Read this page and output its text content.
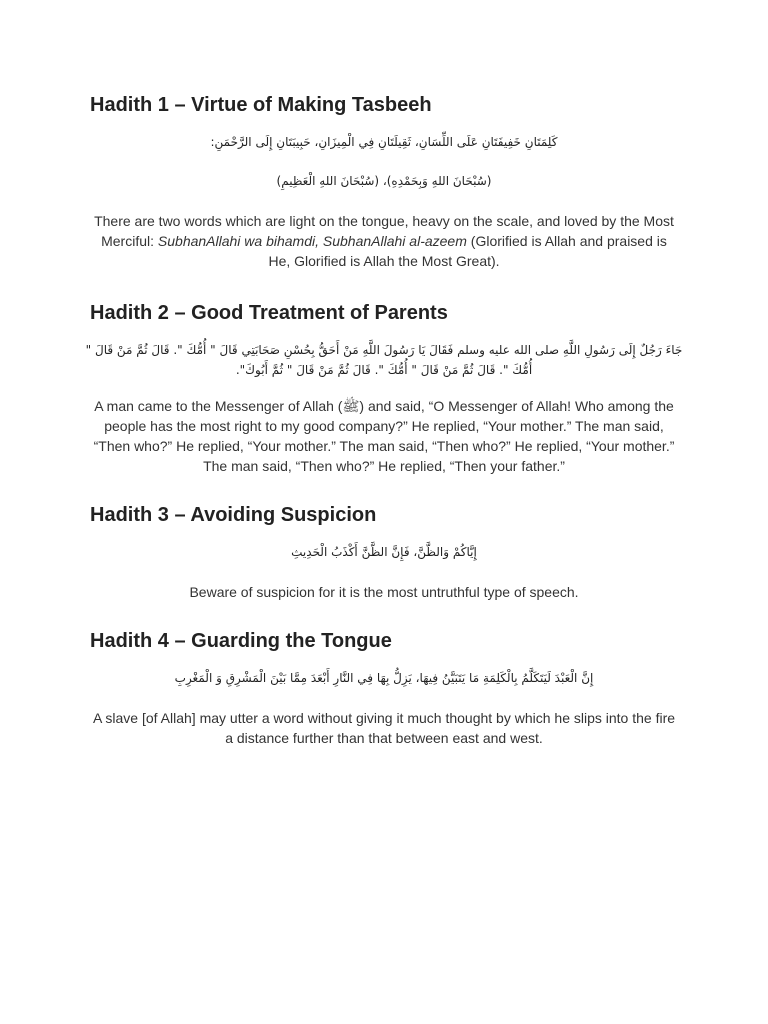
Hadith 1 – Virtue of Making Tasbeeh

كَلِمَتَانِ خَفِيفَتَانِ عَلَى اللِّسَانِ، ثَقِيلَتَانِ فِي الْمِيزَانِ، حَبِيبَتَانِ إِلَى الرَّحْمَنِ:

(سُبْحَانَ اللهِ وَبِحَمْدِهِ)، (سُبْحَانَ اللهِ الْعَظِيمِ)

There are two words which are light on the tongue, heavy on the scale, and loved by the Most Merciful: SubhanAllahi wa bihamdi, SubhanAllahi al-azeem (Glorified is Allah and praised is He, Glorified is Allah the Most Great).

Hadith 2 – Good Treatment of Parents

جَاءَ رَجُلٌ إِلَى رَسُولِ اللَّهِ صلى الله عليه وسلم فَقَالَ يَا رَسُولَ اللَّهِ مَنْ أَحَقُّ بِحُسْنِ صَحَابَتِي قَالَ " أُمُّكَ ". قَالَ ثُمَّ مَنْ قَالَ " أُمُّكَ ". قَالَ ثُمَّ مَنْ قَالَ " أُمُّكَ ". قَالَ ثُمَّ مَنْ قَالَ " ثُمَّ أَبُوكَ".

A man came to the Messenger of Allah (ﷺ) and said, “O Messenger of Allah! Who among the people has the most right to my good company?” He replied, “Your mother.” The man said, “Then who?” He replied, “Your mother.” The man said, “Then who?” He replied, “Your mother.” The man said, “Then who?” He replied, “Then your father.”

Hadith 3 – Avoiding Suspicion

إِيَّاكُمْ وَالظَّنَّ، فَإِنَّ الظَّنَّ أَكْذَبُ الْحَدِيثِ

Beware of suspicion for it is the most untruthful type of speech.

Hadith 4 – Guarding the Tongue

إِنَّ الْعَبْدَ لَيَتَكَلَّمُ بِالْكَلِمَةِ مَا يَتَبَيَّنُ فِيهَا، يَزِلُّ بِهَا فِي النَّارِ أَبْعَدَ مِمَّا بَيْنَ الْمَشْرِقِ وَ الْمَغْرِبِ

A slave [of Allah] may utter a word without giving it much thought by which he slips into the fire a distance further than that between east and west.
